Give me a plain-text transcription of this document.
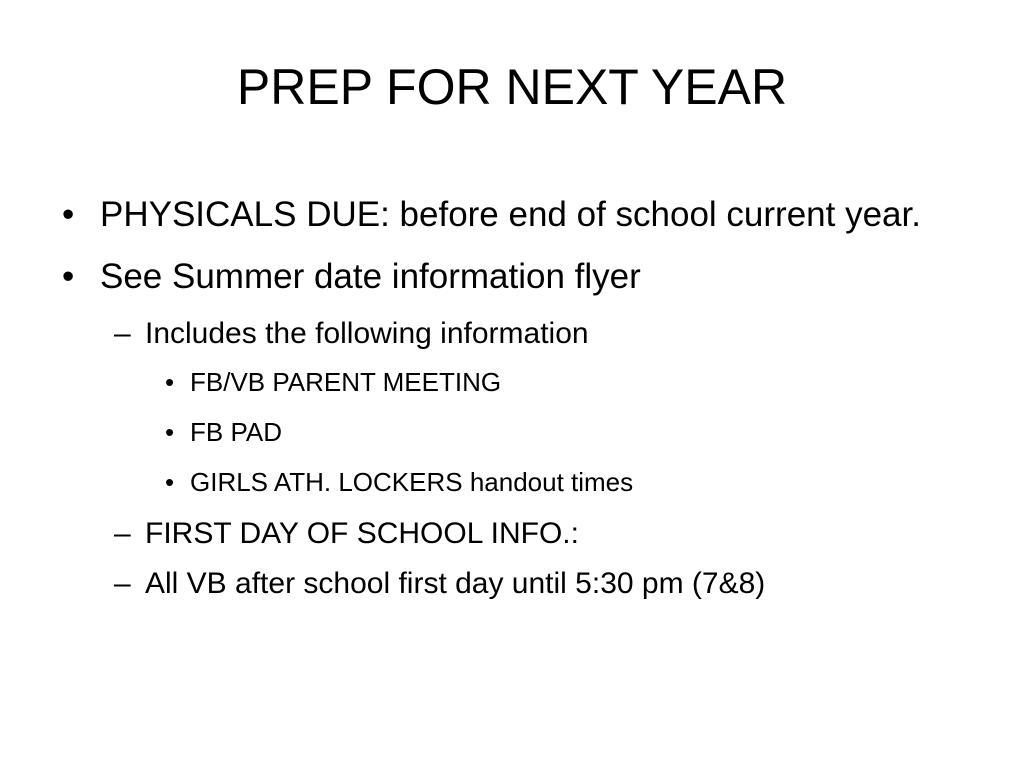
PREP FOR NEXT YEAR
• PHYSICALS DUE: before end of school current year.
• See Summer date information flyer
– Includes the following information
• FB/VB PARENT MEETING
• FB PAD
• GIRLS ATH. LOCKERS handout times
– FIRST DAY OF SCHOOL INFO.:
– All VB after school first day until 5:30 pm (7&8)
